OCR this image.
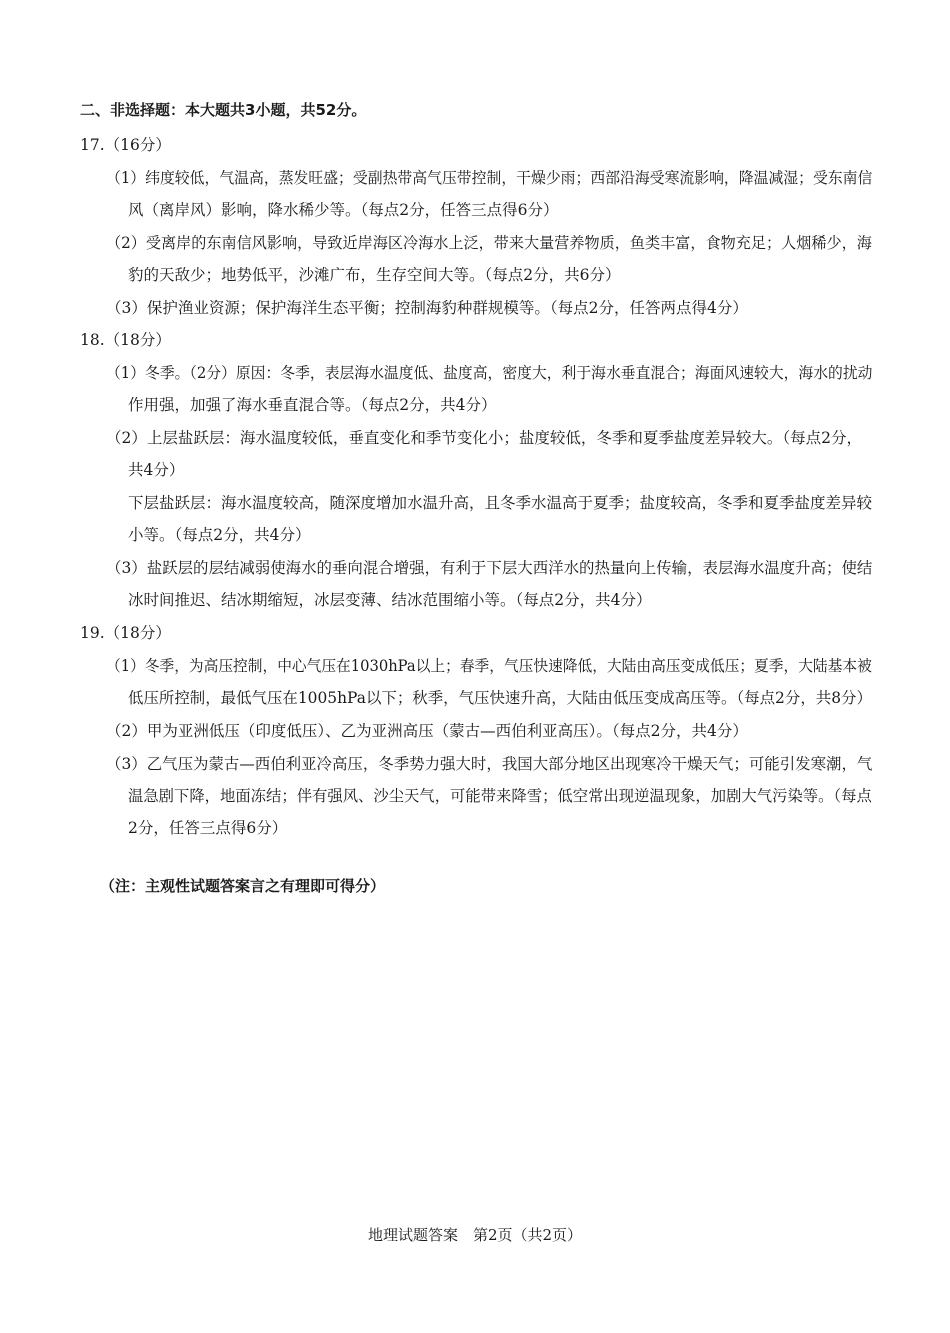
二、非选择题：本大题共3小题，共52分。
17.（16分）
（1）纬度较低，气温高，蒸发旺盛；受副热带高气压带控制，干燥少雨；西部沿海受寒流影响，降温减湿；受东南信
风（离岸风）影响，降水稀少等。（每点2分，任答三点得6分）
（2）受离岸的东南信风影响，导致近岸海区冷海水上泛，带来大量营养物质，鱼类丰富，食物充足；人烟稀少，海
豹的天敌少；地势低平，沙滩广布，生存空间大等。（每点2分，共6分）
（3）保护渔业资源；保护海洋生态平衡；控制海豹种群规模等。（每点2分，任答两点得4分）
18.（18分）
（1）冬季。（2分）原因：冬季，表层海水温度低、盐度高，密度大，利于海水垂直混合；海面风速较大，海水的扰动
作用强，加强了海水垂直混合等。（每点2分，共4分）
（2）上层盐跃层：海水温度较低，垂直变化和季节变化小；盐度较低，冬季和夏季盐度差异较大。（每点2分，
共4分）
下层盐跃层：海水温度较高，随深度增加水温升高，且冬季水温高于夏季；盐度较高，冬季和夏季盐度差异较
小等。（每点2分，共4分）
（3）盐跃层的层结减弱使海水的垂向混合增强，有利于下层大西洋水的热量向上传输，表层海水温度升高；使结
冰时间推迟、结冰期缩短，冰层变薄、结冰范围缩小等。（每点2分，共4分）
19.（18分）
（1）冬季，为高压控制，中心气压在1030hPa以上；春季，气压快速降低，大陆由高压变成低压；夏季，大陆基本被
低压所控制，最低气压在1005hPa以下；秋季，气压快速升高，大陆由低压变成高压等。（每点2分，共8分）
（2）甲为亚洲低压（印度低压）、乙为亚洲高压（蒙古—西伯利亚高压）。（每点2分，共4分）
（3）乙气压为蒙古—西伯利亚冷高压，冬季势力强大时，我国大部分地区出现寒冷干燥天气；可能引发寒潮，气
温急剧下降，地面冻结；伴有强风、沙尘天气，可能带来降雪；低空常出现逆温现象，加剧大气污染等。（每点
2分，任答三点得6分）
（注：主观性试题答案言之有理即可得分）
地理试题答案　第2页（共2页）
